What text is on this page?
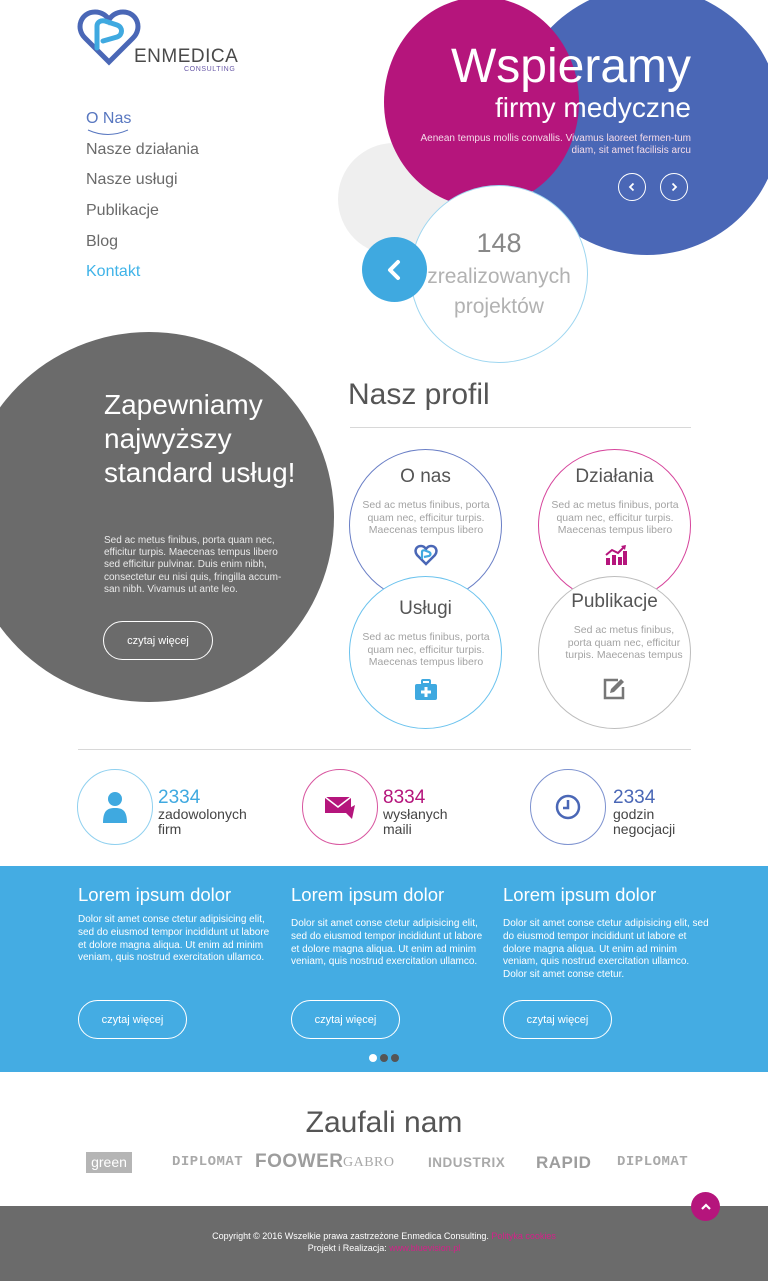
ENMEDICA
CONSULTING
O Nas
Nasze działania
Nasze usługi
Publikacje
Blog
Kontakt
Wspieramy
firmy medyczne
Aenean tempus mollis convallis. Vivamus laoreet fermen-tum diam, sit amet facilisis arcu
148
zrealizowanych
projektów
Zapewniamy najwyższy standard usług!
Sed ac metus finibus, porta quam nec, efficitur turpis. Maecenas tempus libero sed efficitur pulvinar. Duis enim nibh, consectetur eu nisi quis, fringilla accum-san nibh. Vivamus ut ante leo.
czytaj więcej
Nasz profil
O nas
Sed ac metus finibus, porta quam nec, efficitur turpis. Maecenas tempus libero
Działania
Sed ac metus finibus, porta quam nec, efficitur turpis. Maecenas tempus libero
Usługi
Sed ac metus finibus, porta quam nec, efficitur turpis. Maecenas tempus libero
Publikacje
Sed ac metus finibus, porta quam nec, efficitur turpis. Maecenas tempus
2334
zadowolonych
firm
8334
wysłanych
maili
2334
godzin
negocjacji
Lorem ipsum dolor
Dolor sit amet conse ctetur adipisicing elit, sed do eiusmod tempor incididunt ut labore et dolore magna aliqua. Ut enim ad minim veniam, quis nostrud exercitation ullamco.
czytaj więcej
Lorem ipsum dolor
Dolor sit amet conse ctetur adipisicing elit, sed do eiusmod tempor incididunt ut labore et dolore magna aliqua. Ut enim ad minim veniam, quis nostrud exercitation ullamco.
czytaj więcej
Lorem ipsum dolor
Dolor sit amet conse ctetur adipisicing elit, sed do eiusmod tempor incididunt ut labore et dolore magna aliqua. Ut enim ad minim veniam, quis nostrud exercitation ullamco. Dolor sit amet conse ctetur.
czytaj więcej
Zaufali nam
green	DIPLOMAT FOOWER GABRO INDUSTRIX RAPID DIPLOMAT
Copyright © 2016 Wszelkie prawa zastrzeżone Enmedica Consulting. Polityka cookies
Projekt i Realizacja: www.bluevision.pl
